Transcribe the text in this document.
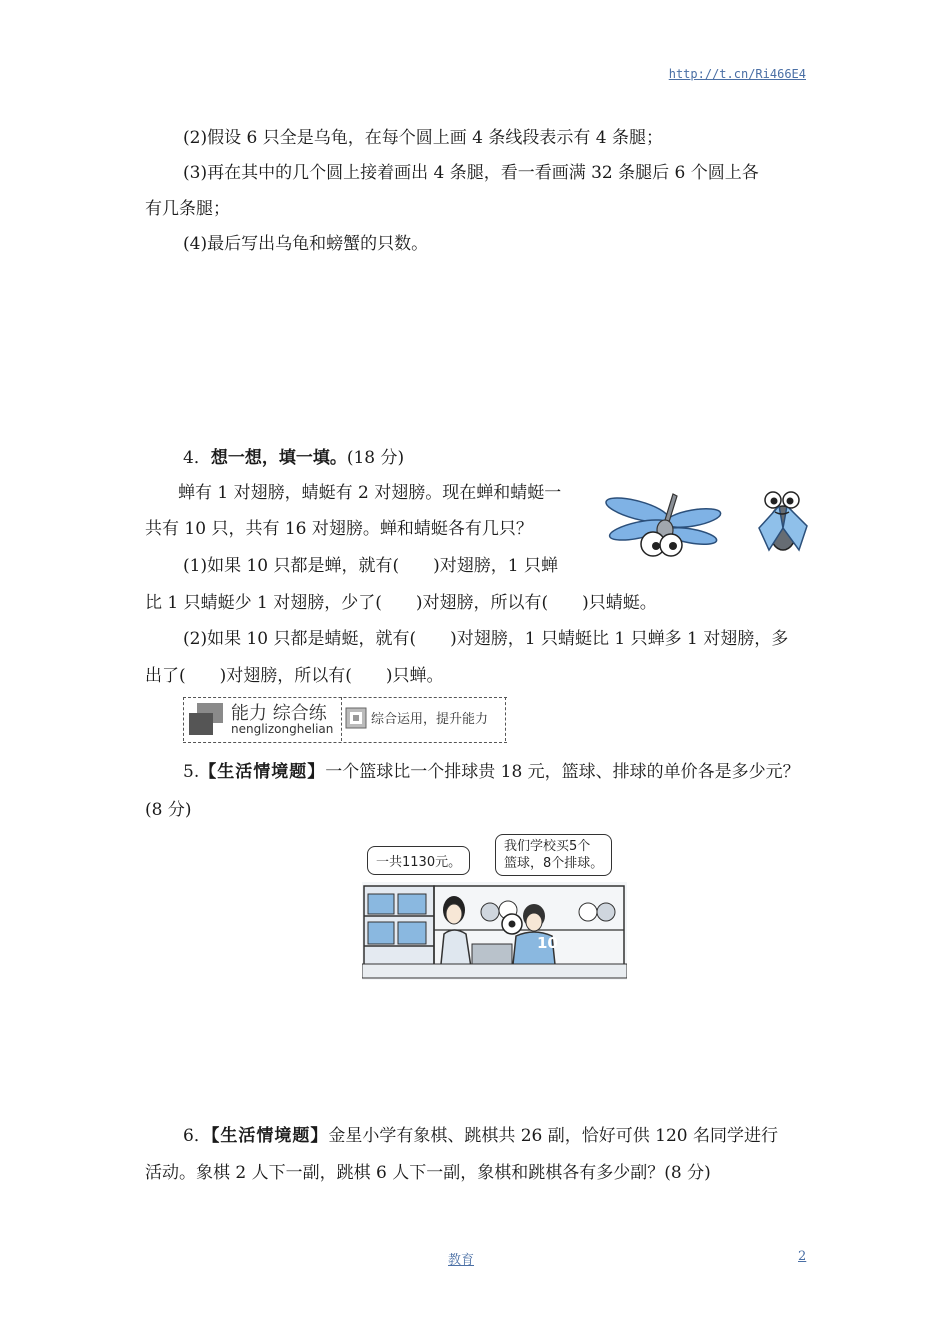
http://t.cn/Ri466E4
(2)假设 6 只全是乌龟，在每个圆上画 4 条线段表示有 4 条腿；
(3)再在其中的几个圆上接着画出 4 条腿，看一看画满 32 条腿后 6 个圆上各
有几条腿；
(4)最后写出乌龟和螃蟹的只数。
4．想一想，填一填。(18 分)
蝉有 1 对翅膀，蜻蜓有 2 对翅膀。现在蝉和蜻蜓一
共有 10 只，共有 16 对翅膀。蝉和蜻蜓各有几只？
(1)如果 10 只都是蝉，就有(　　)对翅膀，1 只蝉
比 1 只蜻蜓少 1 对翅膀，少了(　　)对翅膀，所以有(　　)只蜻蜓。
(2)如果 10 只都是蜻蜓，就有(　　)对翅膀，1 只蜻蜓比 1 只蝉多 1 对翅膀，多
出了(　　)对翅膀，所以有(　　)只蝉。
能力 综合练
nenglizonghelian
综合运用，提升能力
5.【生活情境题】一个篮球比一个排球贵 18 元，篮球、排球的单价各是多少元？
(8 分)
一共1130元。
我们学校买5个
篮球，8个排球。
10
6．【生活情境题】金星小学有象棋、跳棋共 26 副，恰好可供 120 名同学进行
活动。象棋 2 人下一副，跳棋 6 人下一副，象棋和跳棋各有多少副？(8 分)
教育	2
